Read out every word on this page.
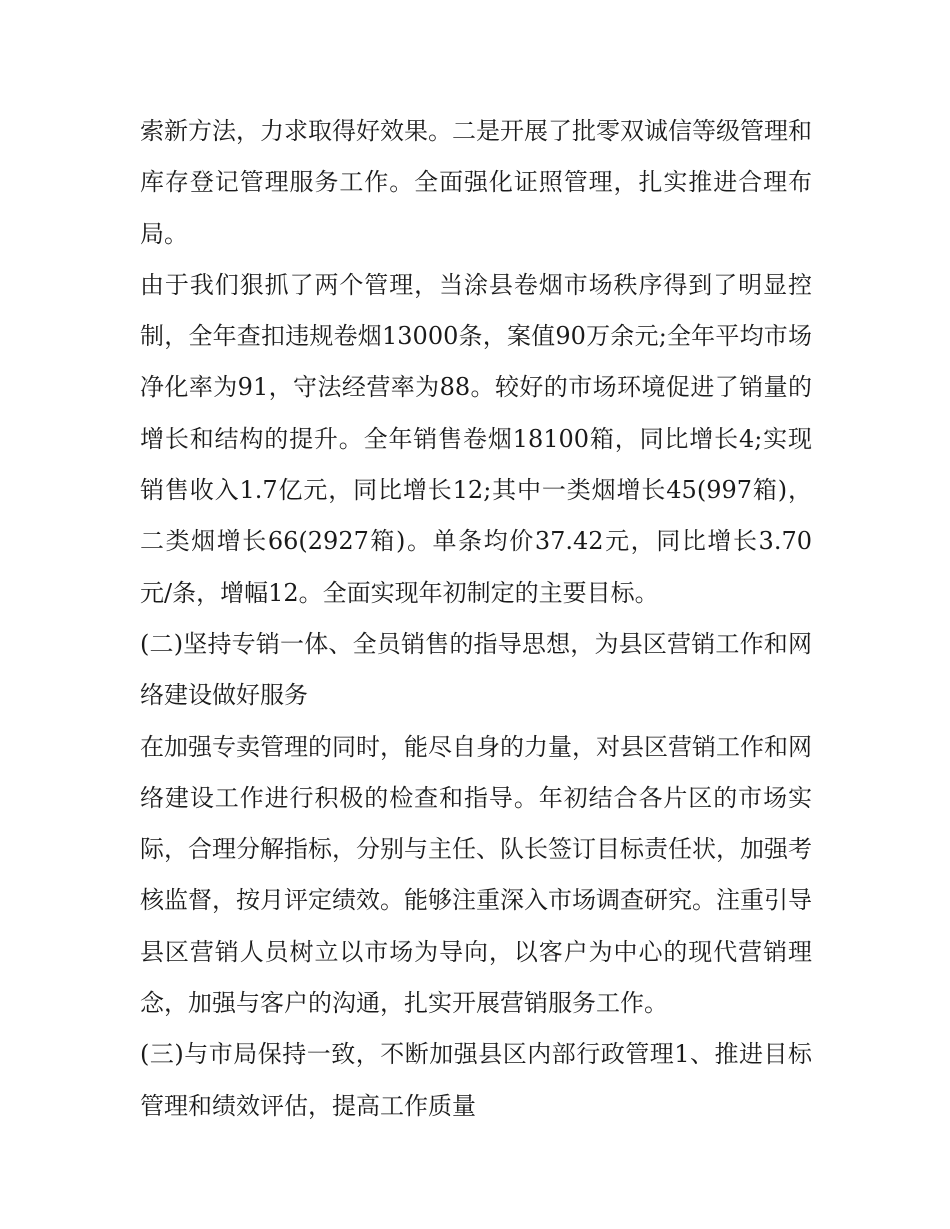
索新方法，力求取得好效果。二是开展了批零双诚信等级管理和库存登记管理服务工作。全面强化证照管理，扎实推进合理布局。

由于我们狠抓了两个管理，当涂县卷烟市场秩序得到了明显控制，全年查扣违规卷烟13000条，案值90万余元;全年平均市场净化率为91，守法经营率为88。较好的市场环境促进了销量的增长和结构的提升。全年销售卷烟18100箱，同比增长4;实现销售收入1.7亿元，同比增长12;其中一类烟增长45(997箱)，二类烟增长66(2927箱)。单条均价37.42元，同比增长3.70元/条，增幅12。全面实现年初制定的主要目标。

(二)坚持专销一体、全员销售的指导思想，为县区营销工作和网络建设做好服务

在加强专卖管理的同时，能尽自身的力量，对县区营销工作和网络建设工作进行积极的检查和指导。年初结合各片区的市场实际，合理分解指标，分别与主任、队长签订目标责任状，加强考核监督，按月评定绩效。能够注重深入市场调查研究。注重引导县区营销人员树立以市场为导向，以客户为中心的现代营销理念，加强与客户的沟通，扎实开展营销服务工作。

(三)与市局保持一致，不断加强县区内部行政管理1、推进目标管理和绩效评估，提高工作质量
